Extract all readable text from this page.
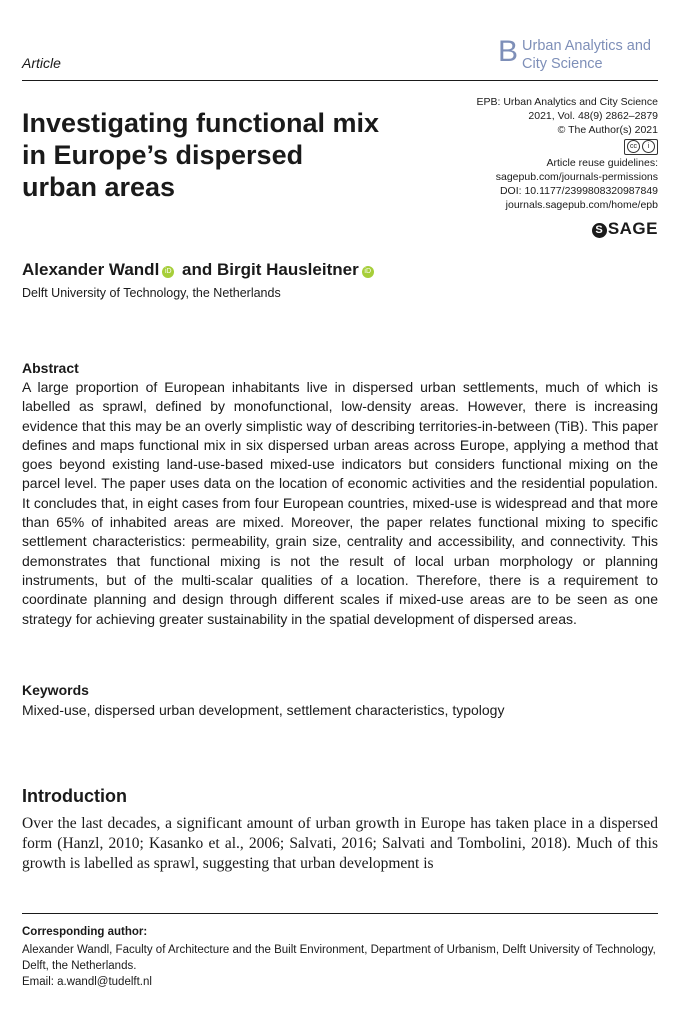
Article	B Urban Analytics and
City Science
Investigating functional mix
in Europe’s dispersed
urban areas
EPB: Urban Analytics and City Science
2021, Vol. 48(9) 2862–2879
© The Author(s) 2021
cc	i
Article reuse guidelines:
sagepub.com/journals-permissions
DOI: 10.1177/2399808320987849
journals.sagepub.com/home/epb
S SAGE
Alexander Wandl iD and Birgit Hausleitner iD
Delft University of Technology, the Netherlands
Abstract
A large proportion of European inhabitants live in dispersed urban settlements, much of which is labelled as sprawl, defined by monofunctional, low-density areas. However, there is increasing evidence that this may be an overly simplistic way of describing territories-in-between (TiB). This paper defines and maps functional mix in six dispersed urban areas across Europe, applying a method that goes beyond existing land-use-based mixed-use indicators but considers functional mixing on the parcel level. The paper uses data on the location of economic activities and the residential population. It concludes that, in eight cases from four European countries, mixed-use is widespread and that more than 65% of inhabited areas are mixed. Moreover, the paper relates functional mixing to specific settlement characteristics: permeability, grain size, centrality and accessibility, and connectivity. This demonstrates that functional mixing is not the result of local urban morphology or planning instruments, but of the multi-scalar qualities of a location. Therefore, there is a requirement to coordinate planning and design through different scales if mixed-use areas are to be seen as one strategy for achieving greater sustainability in the spatial development of dispersed areas.
Keywords
Mixed-use, dispersed urban development, settlement characteristics, typology
Introduction
Over the last decades, a significant amount of urban growth in Europe has taken place in a dispersed form (Hanzl, 2010; Kasanko et al., 2006; Salvati, 2016; Salvati and Tombolini, 2018). Much of this growth is labelled as sprawl, suggesting that urban development is
Corresponding author:
Alexander Wandl, Faculty of Architecture and the Built Environment, Department of Urbanism, Delft University of Technology, Delft, the Netherlands.
Email: a.wandl@tudelft.nl
